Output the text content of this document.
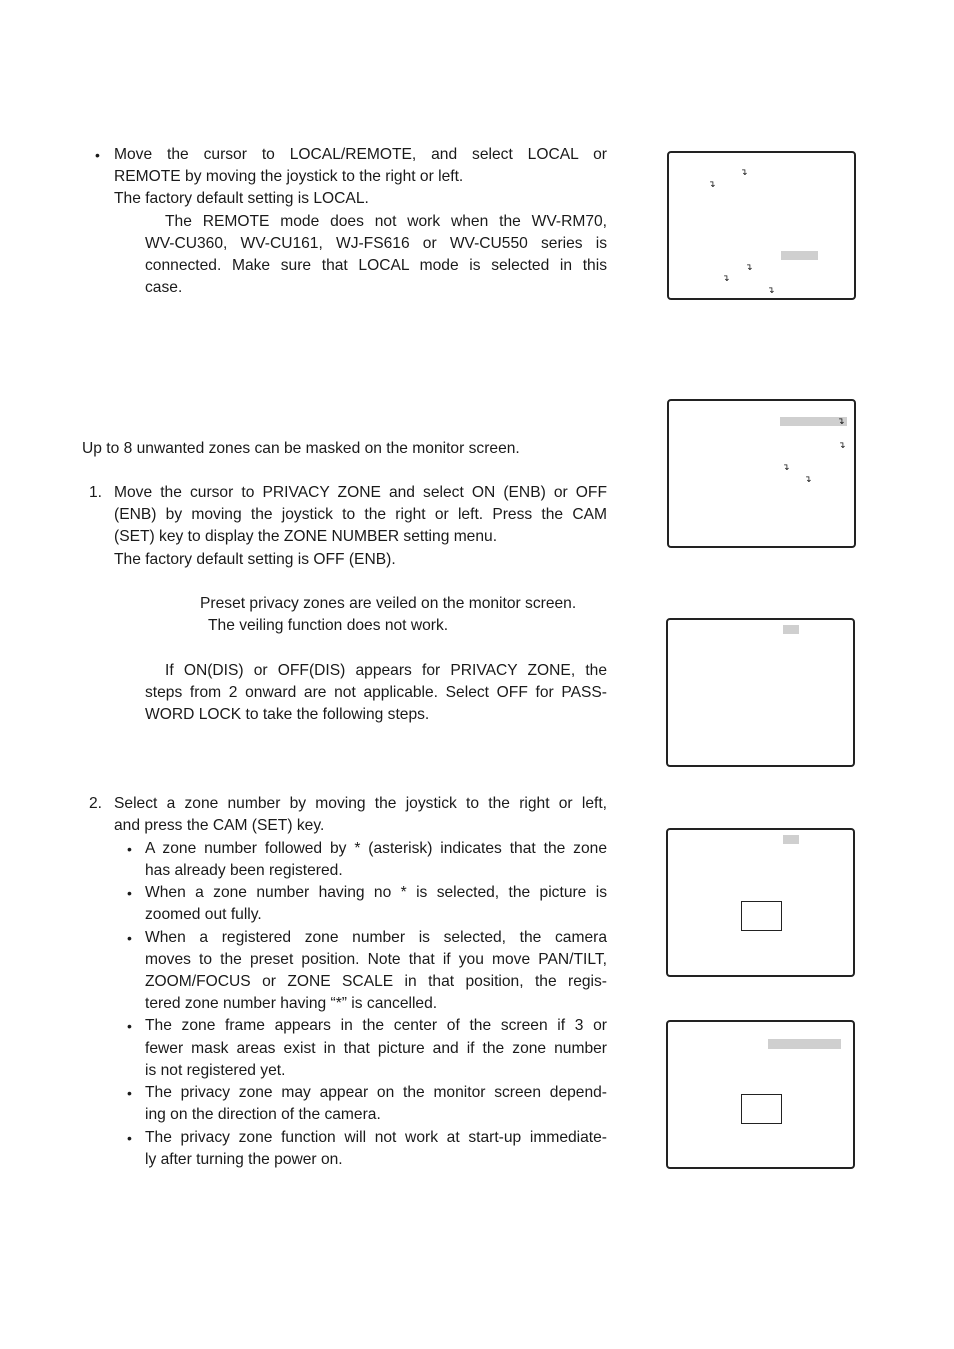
• Move the cursor to LOCAL/REMOTE, and select LOCAL or
REMOTE by moving the joystick to the right or left.
The factory default setting is LOCAL.
The REMOTE mode does not work when the WV-RM70,
WV-CU360, WV-CU161, WJ-FS616 or WV-CU550 series is
connected. Make sure that LOCAL mode is selected in this
case.
↴
↴
↴
↴
↴
↴
↴
↴
↴
Up to 8 unwanted zones can be masked on the monitor screen.
1. Move the cursor to PRIVACY ZONE and select ON (ENB) or OFF
(ENB) by moving the joystick to the right or left. Press the CAM
(SET) key to display the ZONE NUMBER setting menu.
The factory default setting is OFF (ENB).
Preset privacy zones are veiled on the monitor screen.
The veiling function does not work.
If ON(DIS) or OFF(DIS) appears for PRIVACY ZONE, the
steps from 2 onward are not applicable. Select OFF for PASS-
WORD LOCK to take the following steps.
2. Select a zone number by moving the joystick to the right or left,
and press the CAM (SET) key.
• A zone number followed by * (asterisk) indicates that the zone
has already been registered.
• When a zone number having no * is selected, the picture is
zoomed out fully.
• When a registered zone number is selected, the camera
moves to the preset position. Note that if you move PAN/TILT,
ZOOM/FOCUS or ZONE SCALE in that position, the regis-
tered zone number having “*” is cancelled.
• The zone frame appears in the center of the screen if 3 or
fewer mask areas exist in that picture and if the zone number
is not registered yet.
• The privacy zone may appear on the monitor screen depend-
ing on the direction of the camera.
• The privacy zone function will not work at start-up immediate-
ly after turning the power on.
